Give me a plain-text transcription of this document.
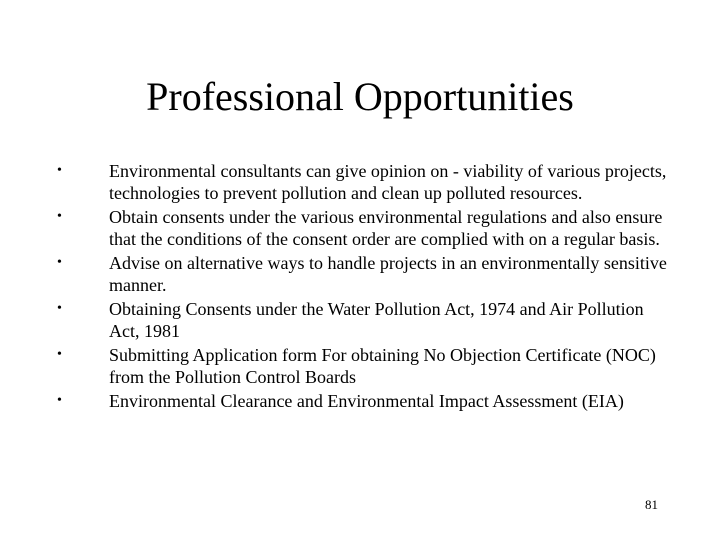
Professional Opportunities
•	Environmental consultants can give opinion on - viability of various projects, technologies to prevent pollution and clean up polluted resources.
•	Obtain consents under the various environmental regulations and also ensure that the conditions of the consent order are complied with on a regular basis.
•	Advise on alternative ways to handle projects in an environmentally sensitive manner.
•	Obtaining Consents under the Water Pollution Act, 1974 and Air Pollution Act, 1981
•	Submitting Application form For obtaining No Objection Certificate (NOC) from the Pollution Control Boards
•	Environmental Clearance and Environmental Impact Assessment (EIA)
81
